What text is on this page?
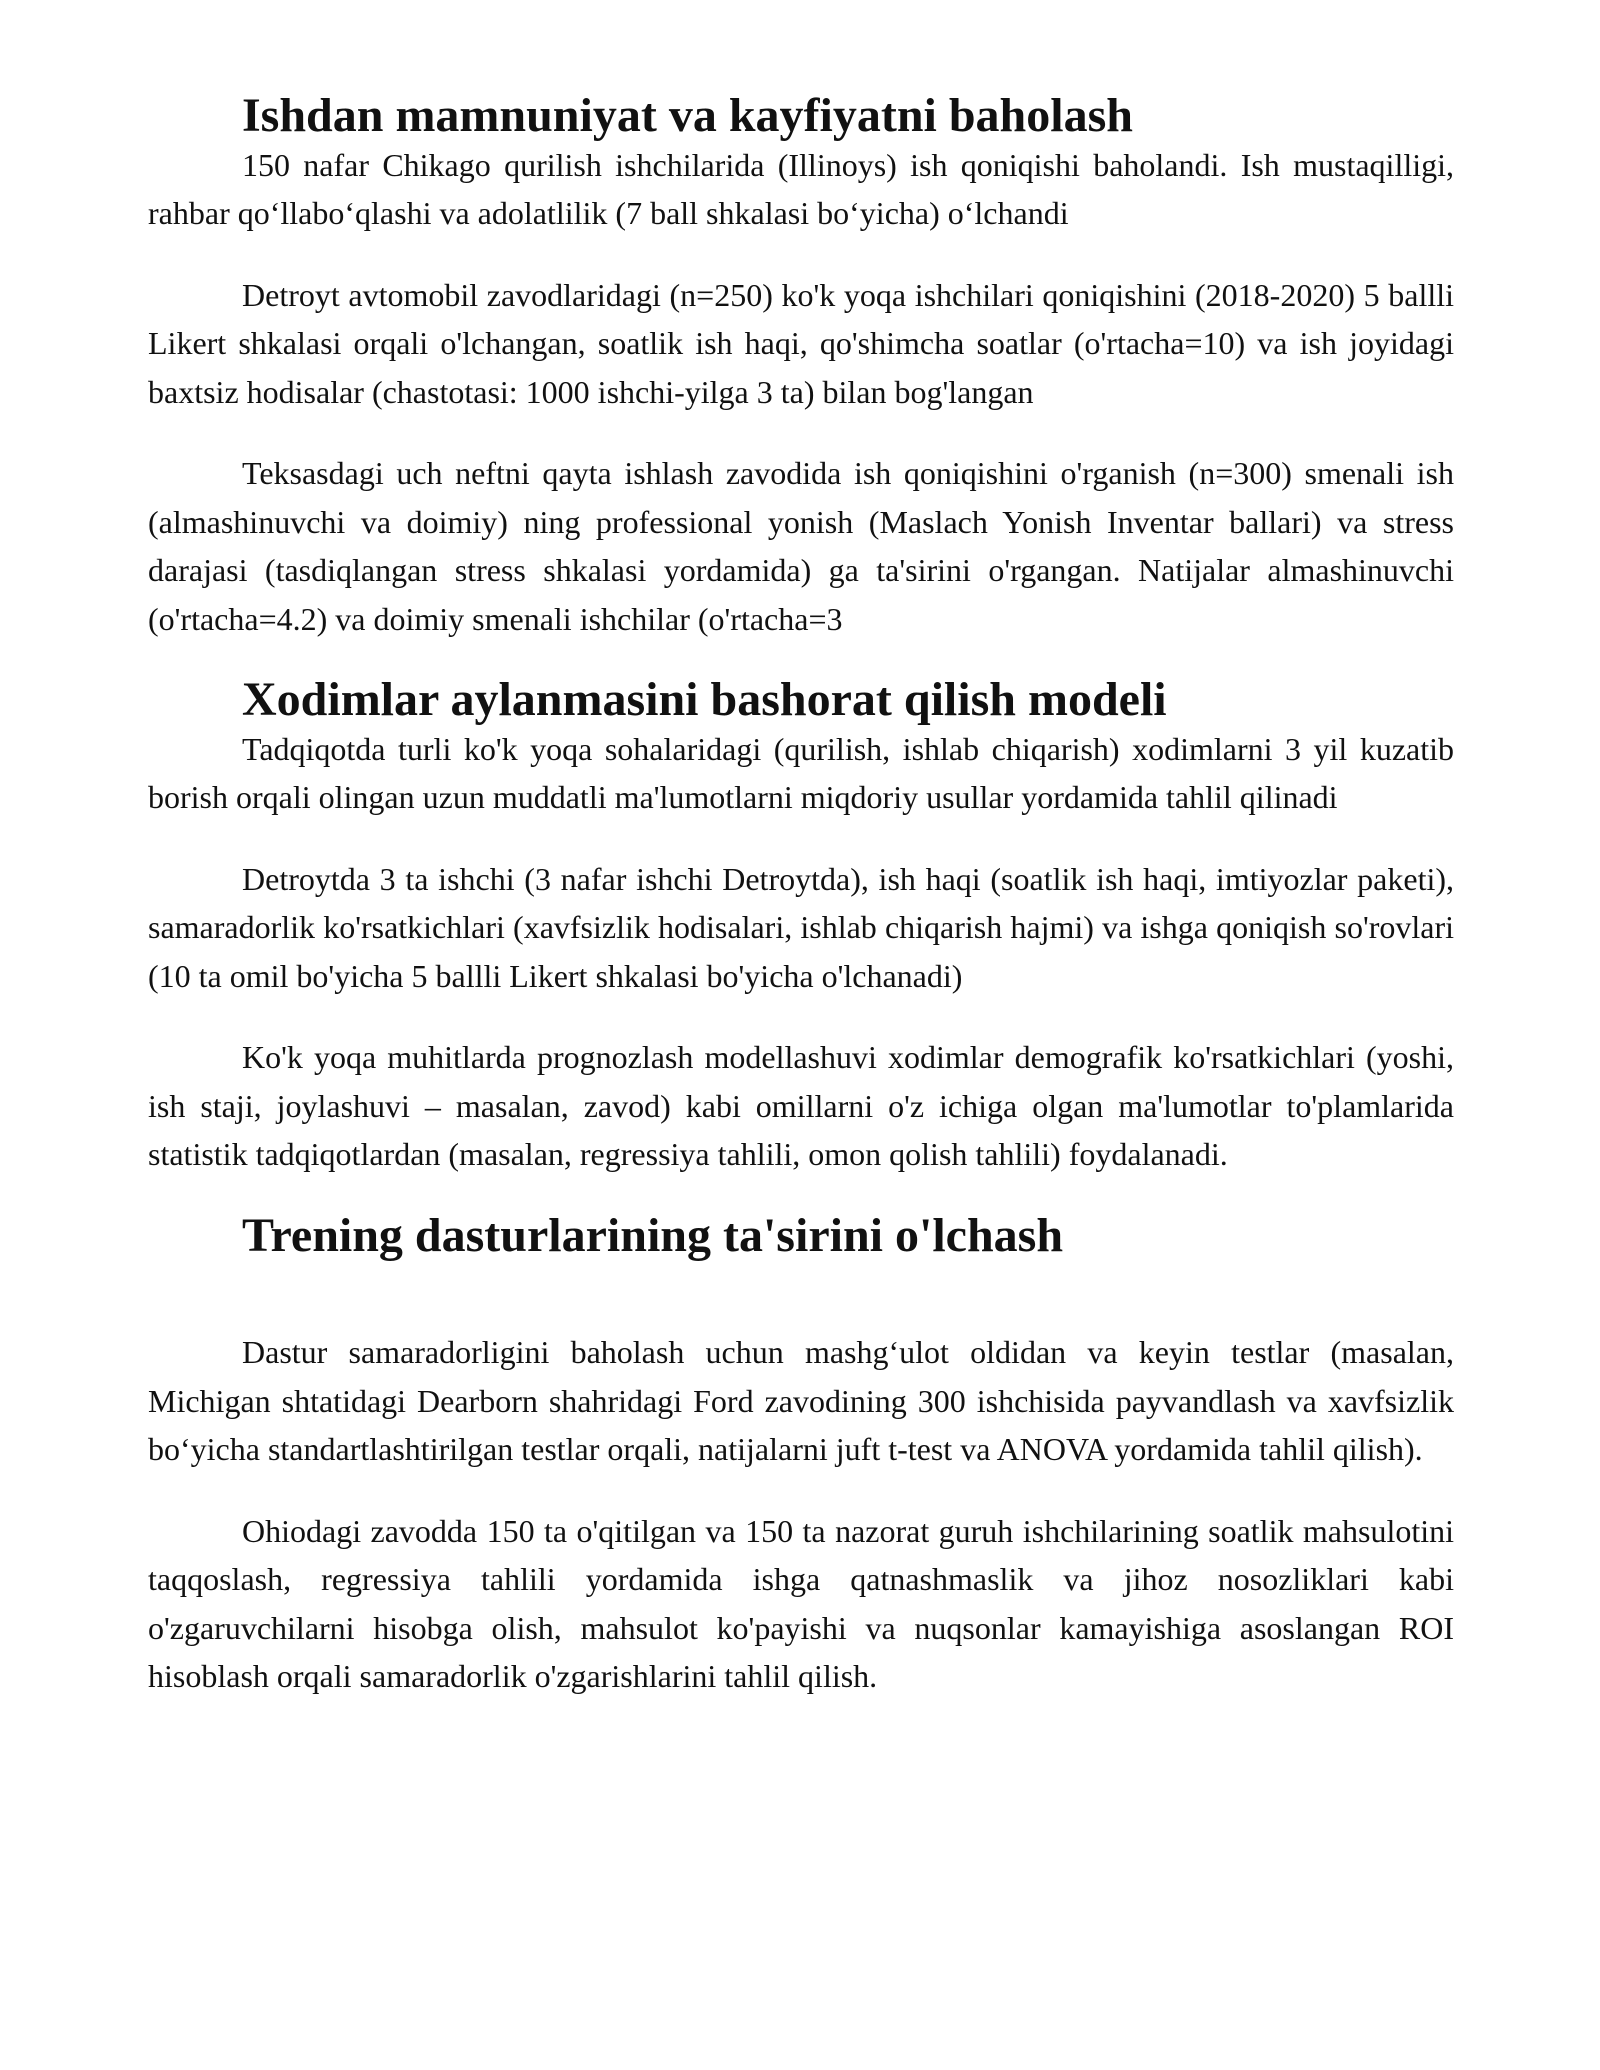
Ishdan mamnuniyat va kayfiyatni baholash

150 nafar Chikago qurilish ishchilarida (Illinoys) ish qoniqishi baholandi. Ish mustaqilligi, rahbar qo‘llabo‘qlashi va adolatlilik (7 ball shkalasi bo‘yicha) o‘lchandi

Detroyt avtomobil zavodlaridagi (n=250) ko'k yoqa ishchilari qoniqishini (2018-2020) 5 ballli Likert shkalasi orqali o'lchangan, soatlik ish haqi, qo'shimcha soatlar (o'rtacha=10) va ish joyidagi baxtsiz hodisalar (chastotasi: 1000 ishchi-yilga 3 ta) bilan bog'langan

Teksasdagi uch neftni qayta ishlash zavodida ish qoniqishini o'rganish (n=300) smenali ish (almashinuvchi va doimiy) ning professional yonish (Maslach Yonish Inventar ballari) va stress darajasi (tasdiqlangan stress shkalasi yordamida) ga ta'sirini o'rgangan. Natijalar almashinuvchi (o'rtacha=4.2) va doimiy smenali ishchilar (o'rtacha=3

Xodimlar aylanmasini bashorat qilish modeli

Tadqiqotda turli ko'k yoqa sohalaridagi (qurilish, ishlab chiqarish) xodimlarni 3 yil kuzatib borish orqali olingan uzun muddatli ma'lumotlarni miqdoriy usullar yordamida tahlil qilinadi

Detroytda 3 ta ishchi (3 nafar ishchi Detroytda), ish haqi (soatlik ish haqi, imtiyozlar paketi), samaradorlik ko'rsatkichlari (xavfsizlik hodisalari, ishlab chiqarish hajmi) va ishga qoniqish so'rovlari (10 ta omil bo'yicha 5 ballli Likert shkalasi bo'yicha o'lchanadi)

Ko'k yoqa muhitlarda prognozlash modellashuvi xodimlar demografik ko'rsatkichlari (yoshi, ish staji, joylashuvi – masalan, zavod) kabi omillarni o'z ichiga olgan ma'lumotlar to'plamlarida statistik tadqiqotlardan (masalan, regressiya tahlili, omon qolish tahlili) foydalanadi.

Trening dasturlarining ta'sirini o'lchash

Dastur samaradorligini baholash uchun mashg‘ulot oldidan va keyin testlar (masalan, Michigan shtatidagi Dearborn shahridagi Ford zavodining 300 ishchisida payvandlash va xavfsizlik bo‘yicha standartlashtirilgan testlar orqali, natijalarni juft t-test va ANOVA yordamida tahlil qilish).

Ohiodagi zavodda 150 ta o'qitilgan va 150 ta nazorat guruh ishchilarining soatlik mahsulotini taqqoslash, regressiya tahlili yordamida ishga qatnashmaslik va jihoz nosozliklari kabi o'zgaruvchilarni hisobga olish, mahsulot ko'payishi va nuqsonlar kamayishiga asoslangan ROI hisoblash orqali samaradorlik o'zgarishlarini tahlil qilish.
